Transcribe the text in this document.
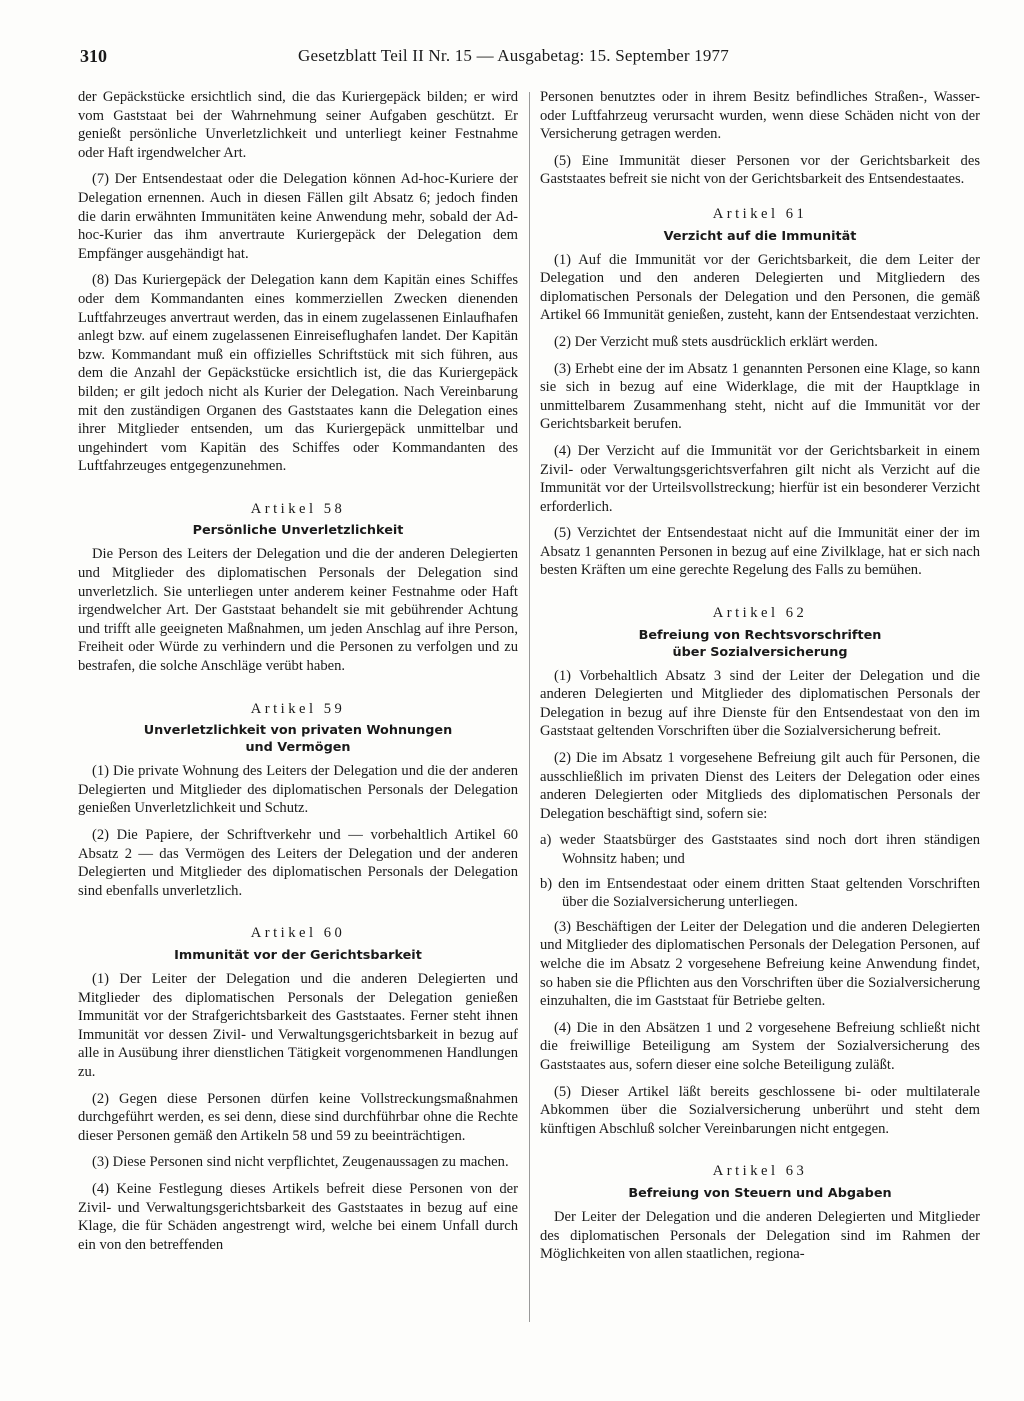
310	Gesetzblatt Teil II Nr. 15 — Ausgabetag: 15. September 1977

der Gepäckstücke ersichtlich sind, die das Kuriergepäck bilden; er wird vom Gaststaat bei der Wahrnehmung seiner Aufgaben geschützt. Er genießt persönliche Unverletzlichkeit und unterliegt keiner Festnahme oder Haft irgendwelcher Art.

(7) Der Entsendestaat oder die Delegation können Ad-hoc-Kuriere der Delegation ernennen. Auch in diesen Fällen gilt Absatz 6; jedoch finden die darin erwähnten Immunitäten keine Anwendung mehr, sobald der Ad-hoc-Kurier das ihm anvertraute Kuriergepäck der Delegation dem Empfänger ausgehändigt hat.

(8) Das Kuriergepäck der Delegation kann dem Kapitän eines Schiffes oder dem Kommandanten eines kommerziellen Zwecken dienenden Luftfahrzeuges anvertraut werden, das in einem zugelassenen Einlaufhafen anlegt bzw. auf einem zugelassenen Einreiseflughafen landet. Der Kapitän bzw. Kommandant muß ein offizielles Schriftstück mit sich führen, aus dem die Anzahl der Gepäckstücke ersichtlich ist, die das Kuriergepäck bilden; er gilt jedoch nicht als Kurier der Delegation. Nach Vereinbarung mit den zuständigen Organen des Gaststaates kann die Delegation eines ihrer Mitglieder entsenden, um das Kuriergepäck unmittelbar und ungehindert vom Kapitän des Schiffes oder Kommandanten des Luftfahrzeuges entgegenzunehmen.

Artikel 58
Persönliche Unverletzlichkeit

Die Person des Leiters der Delegation und die der anderen Delegierten und Mitglieder des diplomatischen Personals der Delegation sind unverletzlich. Sie unterliegen unter anderem keiner Festnahme oder Haft irgendwelcher Art. Der Gaststaat behandelt sie mit gebührender Achtung und trifft alle geeigneten Maßnahmen, um jeden Anschlag auf ihre Person, Freiheit oder Würde zu verhindern und die Personen zu verfolgen und zu bestrafen, die solche Anschläge verübt haben.

Artikel 59
Unverletzlichkeit von privaten Wohnungen
und Vermögen

(1) Die private Wohnung des Leiters der Delegation und die der anderen Delegierten und Mitglieder des diplomatischen Personals der Delegation genießen Unverletzlichkeit und Schutz.

(2) Die Papiere, der Schriftverkehr und — vorbehaltlich Artikel 60 Absatz 2 — das Vermögen des Leiters der Delegation und der anderen Delegierten und Mitglieder des diplomatischen Personals der Delegation sind ebenfalls unverletzlich.

Artikel 60
Immunität vor der Gerichtsbarkeit

(1) Der Leiter der Delegation und die anderen Delegierten und Mitglieder des diplomatischen Personals der Delegation genießen Immunität vor der Strafgerichtsbarkeit des Gaststaates. Ferner steht ihnen Immunität vor dessen Zivil- und Verwaltungsgerichtsbarkeit in bezug auf alle in Ausübung ihrer dienstlichen Tätigkeit vorgenommenen Handlungen zu.

(2) Gegen diese Personen dürfen keine Vollstreckungsmaßnahmen durchgeführt werden, es sei denn, diese sind durchführbar ohne die Rechte dieser Personen gemäß den Artikeln 58 und 59 zu beeinträchtigen.

(3) Diese Personen sind nicht verpflichtet, Zeugenaussagen zu machen.

(4) Keine Festlegung dieses Artikels befreit diese Personen von der Zivil- und Verwaltungsgerichtsbarkeit des Gaststaates in bezug auf eine Klage, die für Schäden angestrengt wird, welche bei einem Unfall durch ein von den betreffenden

Personen benutztes oder in ihrem Besitz befindliches Straßen-, Wasser- oder Luftfahrzeug verursacht wurden, wenn diese Schäden nicht von der Versicherung getragen werden.

(5) Eine Immunität dieser Personen vor der Gerichtsbarkeit des Gaststaates befreit sie nicht von der Gerichtsbarkeit des Entsendestaates.

Artikel 61
Verzicht auf die Immunität

(1) Auf die Immunität vor der Gerichtsbarkeit, die dem Leiter der Delegation und den anderen Delegierten und Mitgliedern des diplomatischen Personals der Delegation und den Personen, die gemäß Artikel 66 Immunität genießen, zusteht, kann der Entsendestaat verzichten.

(2) Der Verzicht muß stets ausdrücklich erklärt werden.

(3) Erhebt eine der im Absatz 1 genannten Personen eine Klage, so kann sie sich in bezug auf eine Widerklage, die mit der Hauptklage in unmittelbarem Zusammenhang steht, nicht auf die Immunität vor der Gerichtsbarkeit berufen.

(4) Der Verzicht auf die Immunität vor der Gerichtsbarkeit in einem Zivil- oder Verwaltungsgerichtsverfahren gilt nicht als Verzicht auf die Immunität vor der Urteilsvollstreckung; hierfür ist ein besonderer Verzicht erforderlich.

(5) Verzichtet der Entsendestaat nicht auf die Immunität einer der im Absatz 1 genannten Personen in bezug auf eine Zivilklage, hat er sich nach besten Kräften um eine gerechte Regelung des Falls zu bemühen.

Artikel 62
Befreiung von Rechtsvorschriften
über Sozialversicherung

(1) Vorbehaltlich Absatz 3 sind der Leiter der Delegation und die anderen Delegierten und Mitglieder des diplomatischen Personals der Delegation in bezug auf ihre Dienste für den Entsendestaat von den im Gaststaat geltenden Vorschriften über die Sozialversicherung befreit.

(2) Die im Absatz 1 vorgesehene Befreiung gilt auch für Personen, die ausschließlich im privaten Dienst des Leiters der Delegation oder eines anderen Delegierten oder Mitglieds des diplomatischen Personals der Delegation beschäftigt sind, sofern sie:

a) weder Staatsbürger des Gaststaates sind noch dort ihren ständigen Wohnsitz haben; und

b) den im Entsendestaat oder einem dritten Staat geltenden Vorschriften über die Sozialversicherung unterliegen.

(3) Beschäftigen der Leiter der Delegation und die anderen Delegierten und Mitglieder des diplomatischen Personals der Delegation Personen, auf welche die im Absatz 2 vorgesehene Befreiung keine Anwendung findet, so haben sie die Pflichten aus den Vorschriften über die Sozialversicherung einzuhalten, die im Gaststaat für Betriebe gelten.

(4) Die in den Absätzen 1 und 2 vorgesehene Befreiung schließt nicht die freiwillige Beteiligung am System der Sozialversicherung des Gaststaates aus, sofern dieser eine solche Beteiligung zuläßt.

(5) Dieser Artikel läßt bereits geschlossene bi- oder multilaterale Abkommen über die Sozialversicherung unberührt und steht dem künftigen Abschluß solcher Vereinbarungen nicht entgegen.

Artikel 63
Befreiung von Steuern und Abgaben

Der Leiter der Delegation und die anderen Delegierten und Mitglieder des diplomatischen Personals der Delegation sind im Rahmen der Möglichkeiten von allen staatlichen, regiona-
